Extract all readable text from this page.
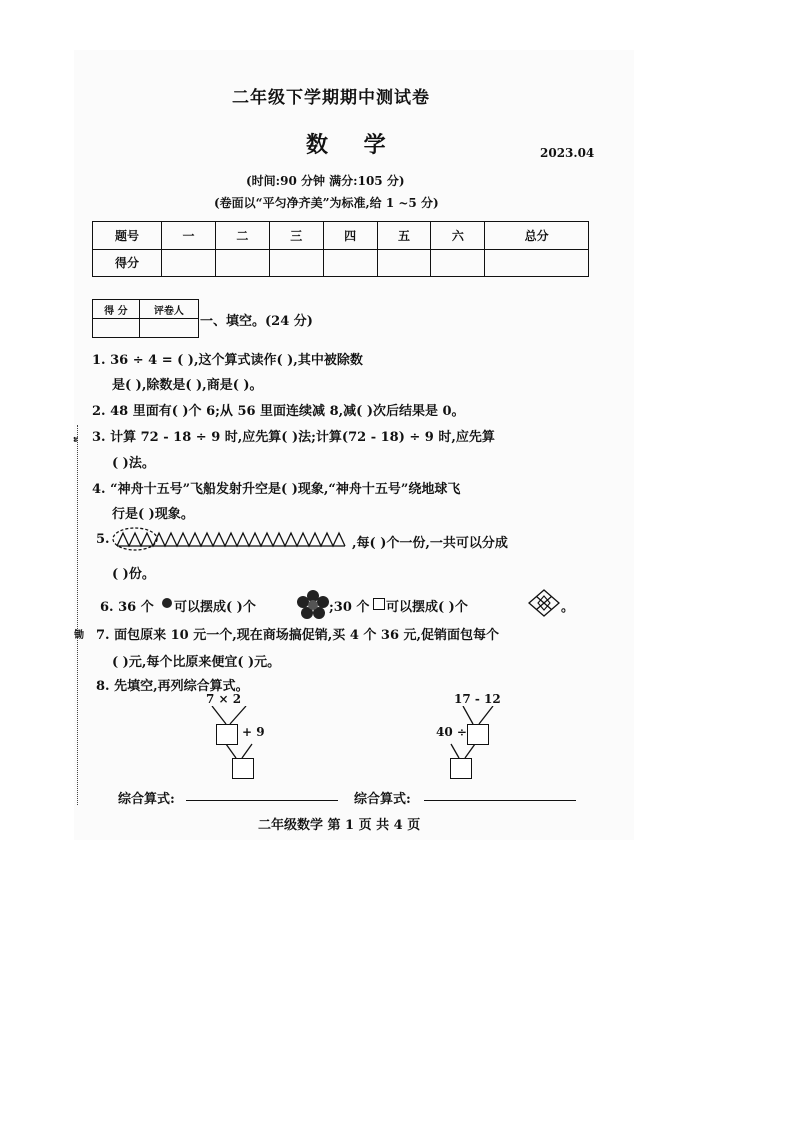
ะ
锄
二年级下学期期中测试卷
数 学	2023.04
(时间:90 分钟 满分:105 分)
(卷面以“平匀净齐美”为标准,给 1 ~5 分)
题号	一	二	三	四	五	六	总分
得分							
得 分	评卷人

一、填空。(24 分)
1. 36 ÷ 4 = ( ),这个算式读作( ),其中被除数
是( ),除数是( ),商是( )。
2. 48 里面有( )个 6;从 56 里面连续减 8,减( )次后结果是 0。
3. 计算 72 - 18 ÷ 9 时,应先算( )法;计算(72 - 18) ÷ 9 时,应先算
( )法。
4. “神舟十五号”飞船发射升空是( )现象,“神舟十五号”绕地球飞
行是( )现象。
5.	,每( )个一份,一共可以分成
( )份。
6. 36 个 可以摆成( )个	;30 个 可以摆成( )个	。
7. 面包原来 10 元一个,现在商场搞促销,买 4 个 36 元,促销面包每个
( )元,每个比原来便宜( )元。
8. 先填空,再列综合算式。
7 × 2
+ 9
17 - 12
40 ÷
综合算式:	综合算式:
二年级数学 第 1 页 共 4 页
